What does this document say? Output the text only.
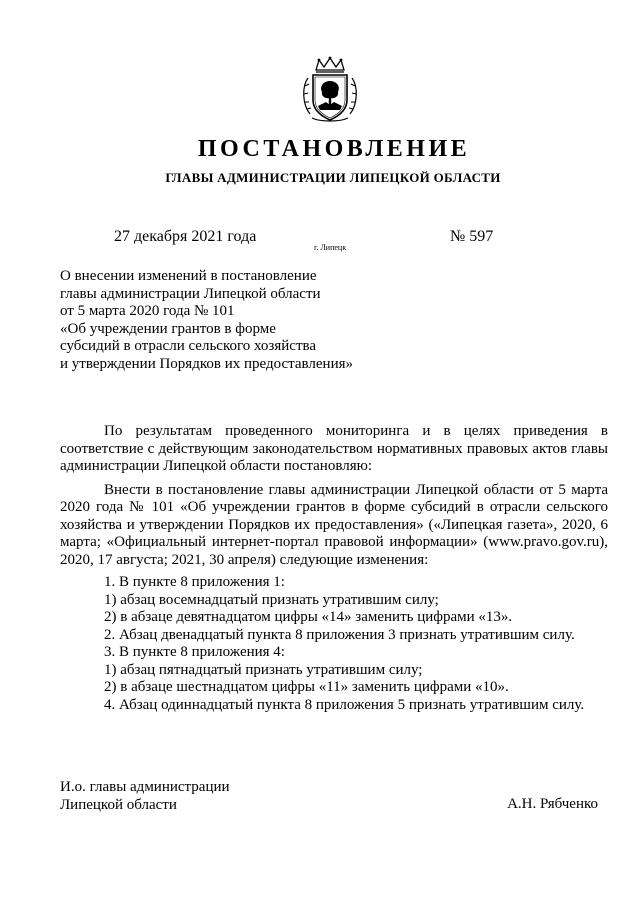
ПОСТАНОВЛЕНИЕ
ГЛАВЫ АДМИНИСТРАЦИИ ЛИПЕЦКОЙ ОБЛАСТИ
27 декабря 2021 года
г. Липецк
№ 597
О внесении изменений в постановление
главы администрации Липецкой области
от 5 марта 2020 года № 101
«Об учреждении грантов в форме
субсидий в отрасли сельского хозяйства
и утверждении Порядков их предоставления»

По результатам проведенного мониторинга и в целях приведения в соответствие с действующим законодательством нормативных правовых актов главы администрации Липецкой области постановляю:

Внести в постановление главы администрации Липецкой области от 5 марта 2020 года № 101 «Об учреждении грантов в форме субсидий в отрасли сельского хозяйства и утверждении Порядков их предоставления» («Липецкая газета», 2020, 6 марта; «Официальный интернет-портал правовой информации» (www.pravo.gov.ru), 2020, 17 августа; 2021, 30 апреля) следующие изменения:

1. В пункте 8 приложения 1:
1) абзац восемнадцатый признать утратившим силу;
2) в абзаце девятнадцатом цифры «14» заменить цифрами «13».
2. Абзац двенадцатый пункта 8 приложения 3 признать утратившим силу.
3. В пункте 8 приложения 4:
1) абзац пятнадцатый признать утратившим силу;
2) в абзаце шестнадцатом цифры «11» заменить цифрами «10».
4. Абзац одиннадцатый пункта 8 приложения 5 признать утратившим силу.
И.о. главы администрации
Липецкой области	А.Н. Рябченко
